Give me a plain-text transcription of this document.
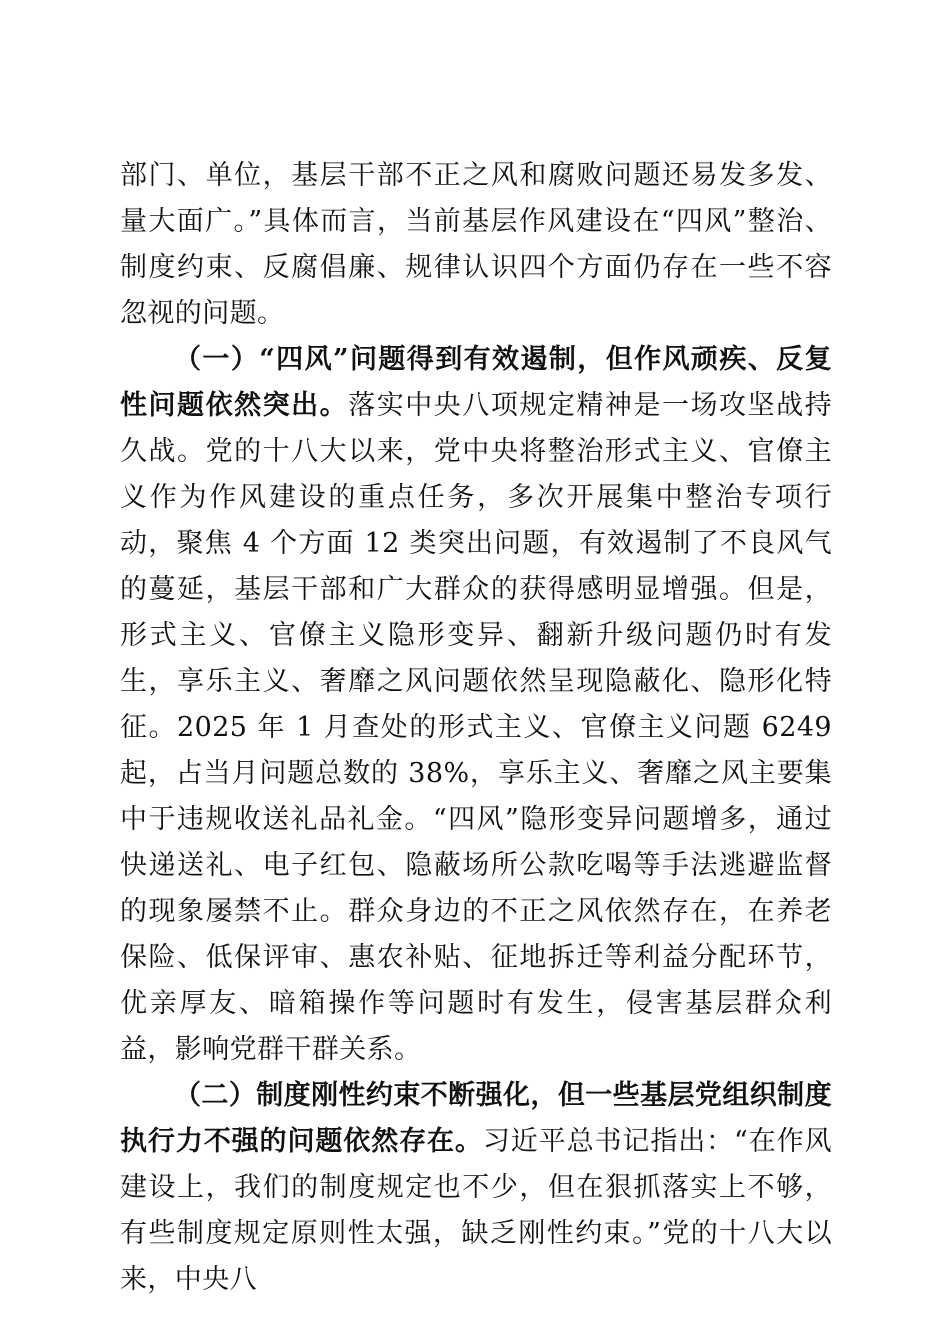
部门、单位，基层干部不正之风和腐败问题还易发多发、量大面广。”具体而言，当前基层作风建设在“四风”整治、制度约束、反腐倡廉、规律认识四个方面仍存在一些不容忽视的问题。

（一）“四风”问题得到有效遏制，但作风顽疾、反复性问题依然突出。落实中央八项规定精神是一场攻坚战持久战。党的十八大以来，党中央将整治形式主义、官僚主义作为作风建设的重点任务，多次开展集中整治专项行动，聚焦 4 个方面 12 类突出问题，有效遏制了不良风气的蔓延，基层干部和广大群众的获得感明显增强。但是，形式主义、官僚主义隐形变异、翻新升级问题仍时有发生，享乐主义、奢靡之风问题依然呈现隐蔽化、隐形化特征。2025 年 1 月查处的形式主义、官僚主义问题 6249 起，占当月问题总数的 38%，享乐主义、奢靡之风主要集中于违规收送礼品礼金。“四风”隐形变异问题增多，通过快递送礼、电子红包、隐蔽场所公款吃喝等手法逃避监督的现象屡禁不止。群众身边的不正之风依然存在，在养老保险、低保评审、惠农补贴、征地拆迁等利益分配环节，优亲厚友、暗箱操作等问题时有发生，侵害基层群众利益，影响党群干群关系。

（二）制度刚性约束不断强化，但一些基层党组织制度执行力不强的问题依然存在。习近平总书记指出：“在作风建设上，我们的制度规定也不少，但在狠抓落实上不够，有些制度规定原则性太强，缺乏刚性约束。”党的十八大以来，中央八
